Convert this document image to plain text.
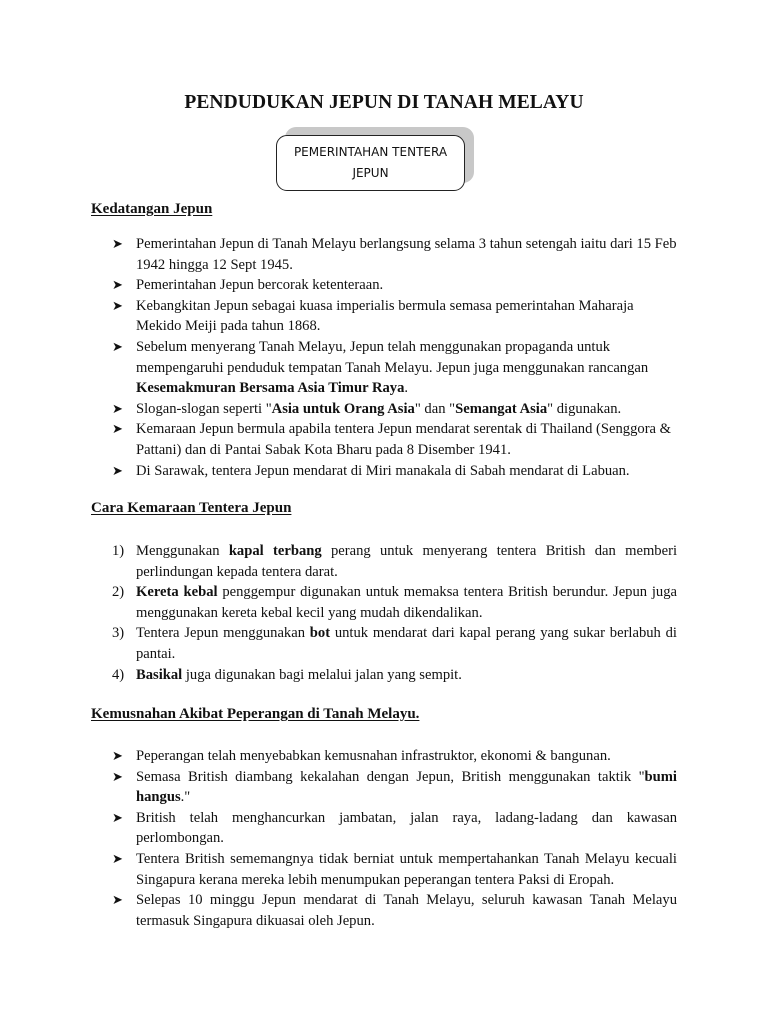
PENDUDUKAN JEPUN DI TANAH MELAYU
PEMERINTAHAN TENTERA JEPUN
Kedatangan Jepun
➤ Pemerintahan Jepun di Tanah Melayu berlangsung selama 3 tahun setengah iaitu dari 15 Feb 1942 hingga 12 Sept 1945.
➤ Pemerintahan Jepun bercorak ketenteraan.
➤ Kebangkitan Jepun sebagai kuasa imperialis bermula semasa pemerintahan Maharaja Mekido Meiji pada tahun 1868.
➤ Sebelum menyerang Tanah Melayu, Jepun telah menggunakan propaganda untuk mempengaruhi penduduk tempatan Tanah Melayu. Jepun juga menggunakan rancangan Kesemakmuran Bersama Asia Timur Raya.
➤ Slogan-slogan seperti "Asia untuk Orang Asia" dan "Semangat Asia" digunakan.
➤ Kemaraan Jepun bermula apabila tentera Jepun mendarat serentak di Thailand (Senggora & Pattani) dan di Pantai Sabak Kota Bharu pada 8 Disember 1941.
➤ Di Sarawak, tentera Jepun mendarat di Miri manakala di Sabah mendarat di Labuan.
Cara Kemaraan Tentera Jepun
1) Menggunakan kapal terbang perang untuk menyerang tentera British dan memberi perlindungan kepada tentera darat.
2) Kereta kebal penggempur digunakan untuk memaksa tentera British berundur. Jepun juga menggunakan kereta kebal kecil yang mudah dikendalikan.
3) Tentera Jepun menggunakan bot untuk mendarat dari kapal perang yang sukar berlabuh di pantai.
4) Basikal juga digunakan bagi melalui jalan yang sempit.
Kemusnahan Akibat Peperangan di Tanah Melayu.
➤ Peperangan telah menyebabkan kemusnahan infrastruktor, ekonomi & bangunan.
➤ Semasa British diambang kekalahan dengan Jepun, British menggunakan taktik "bumi hangus."
➤ British telah menghancurkan jambatan, jalan raya, ladang-ladang dan kawasan perlombongan.
➤ Tentera British sememangnya tidak berniat untuk mempertahankan Tanah Melayu kecuali Singapura kerana mereka lebih menumpukan peperangan tentera Paksi di Eropah.
➤ Selepas 10 minggu Jepun mendarat di Tanah Melayu, seluruh kawasan Tanah Melayu termasuk Singapura dikuasai oleh Jepun.
